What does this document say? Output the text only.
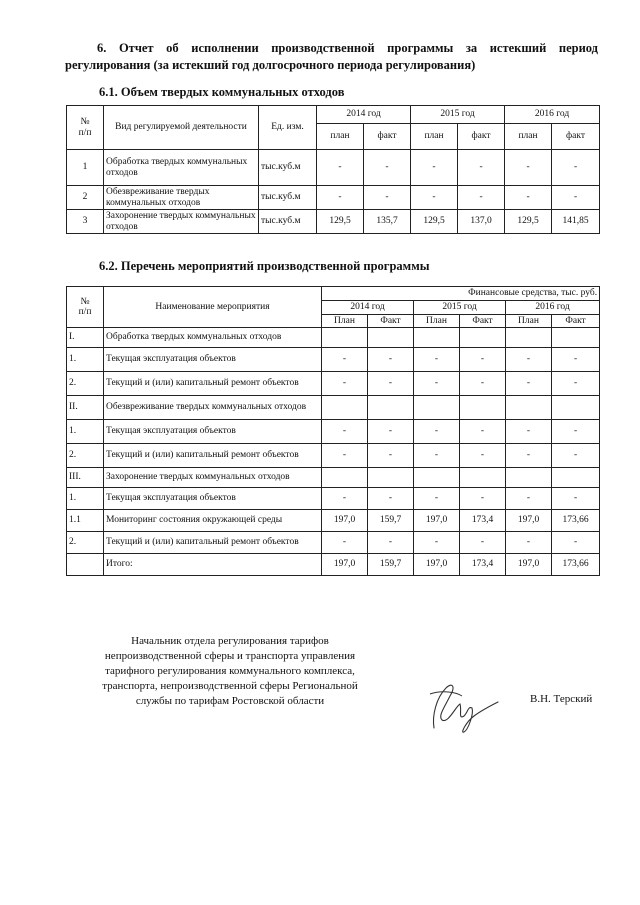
6. Отчет об исполнении производственной программы за истекший период
регулирования (за истекший год долгосрочного периода регулирования)
6.1. Объем твердых коммунальных отходов
№
п/п	Вид регулируемой деятельности	Ед. изм.	2014 год		2015 год		2016 год	
			план	факт	план	факт	план	факт
1	Обработка твердых коммунальных отходов	тыс.куб.м	-	-	-	-	-	-
2	Обезвреживание твердых коммунальных отходов	тыс.куб.м	-	-	-	-	-	-
3	Захоронение твердых коммунальных отходов	тыс.куб.м	129,5	135,7	129,5	137,0	129,5	141,85
6.2. Перечень мероприятий производственной программы
№
п/п	Наименование мероприятия	Финансовые средства, тыс. руб.					
		2014 год		2015 год		2016 год	
		План	Факт	План	Факт	План	Факт
I.	Обработка твердых коммунальных отходов						
1.	Текущая эксплуатация объектов	-	-	-	-	-	-
2.	Текущий и (или) капитальный ремонт объектов	-	-	-	-	-	-
II.	Обезвреживание твердых коммунальных отходов						
1.	Текущая эксплуатация объектов	-	-	-	-	-	-
2.	Текущий и (или) капитальный ремонт объектов	-	-	-	-	-	-
III.	Захоронение твердых коммунальных отходов						
1.	Текущая эксплуатация объектов	-	-	-	-	-	-
1.1	Мониторинг состояния окружающей среды	197,0	159,7	197,0	173,4	197,0	173,66
2.	Текущий и (или) капитальный ремонт объектов	-	-	-	-	-	-
	Итого:	197,0	159,7	197,0	173,4	197,0	173,66
Начальник отдела регулирования тарифов
непроизводственной сферы и транспорта управления
тарифного регулирования коммунального комплекса,
транспорта, непроизводственной сферы Региональной
службы по тарифам Ростовской области	В.Н. Терский
